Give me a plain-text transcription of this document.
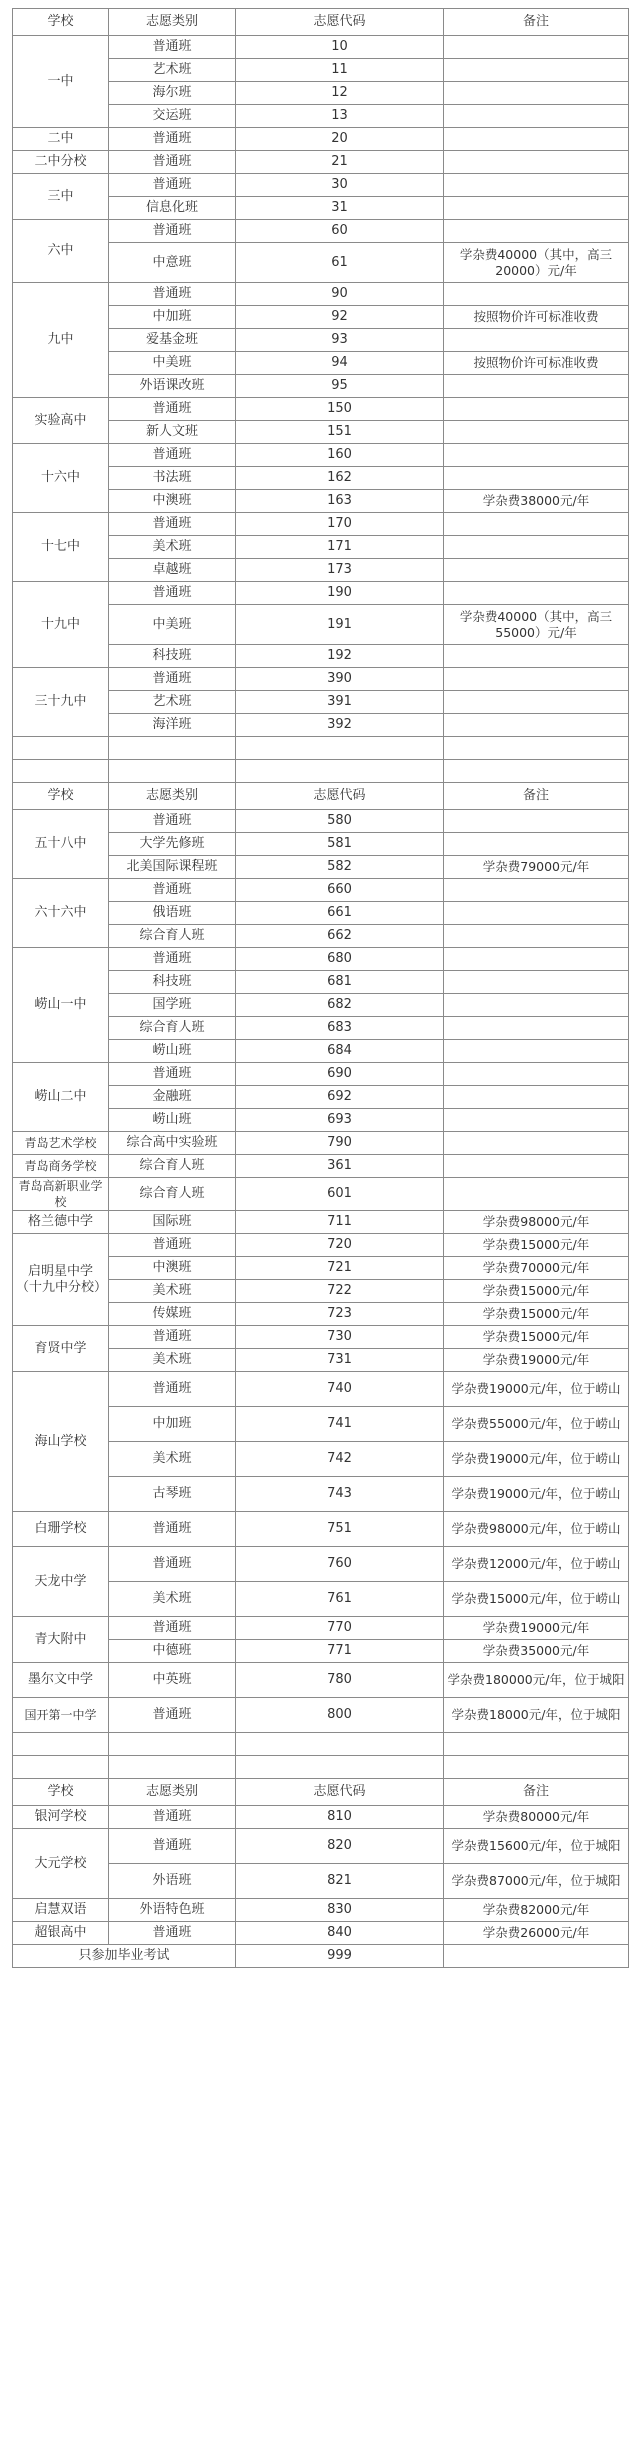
学校	志愿类别	志愿代码	备注
一中	普通班	10	
	艺术班	11	
	海尔班	12	
	交运班	13	
二中	普通班	20	
二中分校	普通班	21	
三中	普通班	30	
	信息化班	31	
六中	普通班	60	
	中意班	61	学杂费40000（其中，高三20000）元/年
九中	普通班	90	
	中加班	92	按照物价许可标准收费
	爱基金班	93	
	中美班	94	按照物价许可标准收费
	外语课改班	95	
实验高中	普通班	150	
	新人文班	151	
十六中	普通班	160	
	书法班	162	
	中澳班	163	学杂费38000元/年
十七中	普通班	170	
	美术班	171	
	卓越班	173	
十九中	普通班	190	
	中美班	191	学杂费40000（其中，高三55000）元/年
	科技班	192	
三十九中	普通班	390	
	艺术班	391	
	海洋班	392	

学校	志愿类别	志愿代码	备注
五十八中	普通班	580	
	大学先修班	581	
	北美国际课程班	582	学杂费79000元/年
六十六中	普通班	660	
	俄语班	661	
	综合育人班	662	
崂山一中	普通班	680	
	科技班	681	
	国学班	682	
	综合育人班	683	
	崂山班	684	
崂山二中	普通班	690	
	金融班	692	
	崂山班	693	
青岛艺术学校	综合高中实验班	790	
青岛商务学校	综合育人班	361	
青岛高新职业学校	综合育人班	601	
格兰德中学	国际班	711	学杂费98000元/年
启明星中学（十九中分校）	普通班	720	学杂费15000元/年
	中澳班	721	学杂费70000元/年
	美术班	722	学杂费15000元/年
	传媒班	723	学杂费15000元/年
育贤中学	普通班	730	学杂费15000元/年
	美术班	731	学杂费19000元/年
海山学校	普通班	740	学杂费19000元/年，位于崂山
	中加班	741	学杂费55000元/年，位于崂山
	美术班	742	学杂费19000元/年，位于崂山
	古琴班	743	学杂费19000元/年，位于崂山
白珊学校	普通班	751	学杂费98000元/年，位于崂山
天龙中学	普通班	760	学杂费12000元/年，位于崂山
	美术班	761	学杂费15000元/年，位于崂山
青大附中	普通班	770	学杂费19000元/年
	中德班	771	学杂费35000元/年
墨尔文中学	中英班	780	学杂费180000元/年，位于城阳
国开第一中学	普通班	800	学杂费18000元/年，位于城阳

学校	志愿类别	志愿代码	备注
银河学校	普通班	810	学杂费80000元/年
大元学校	普通班	820	学杂费15600元/年，位于城阳
	外语班	821	学杂费87000元/年，位于城阳
启慧双语	外语特色班	830	学杂费82000元/年
超银高中	普通班	840	学杂费26000元/年
只参加毕业考试		999	
